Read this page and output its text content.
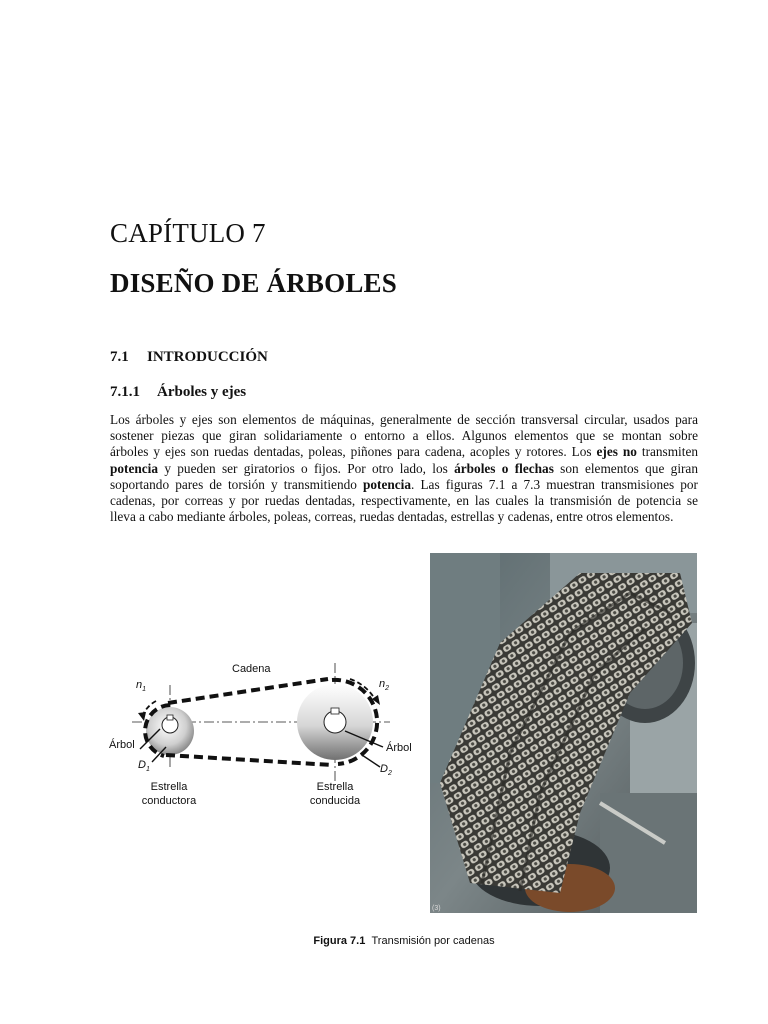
CAPÍTULO 7
DISEÑO DE ÁRBOLES
7.1 INTRODUCCIÓN
7.1.1 Árboles y ejes
Los árboles y ejes son elementos de máquinas, generalmente de sección transversal circular, usados para
sostener piezas que giran solidariamente o entorno a ellos. Algunos elementos que se montan sobre
árboles y ejes son ruedas dentadas, poleas, piñones para cadena, acoples y rotores. Los ejes no transmiten
potencia y pueden ser giratorios o fijos. Por otro lado, los árboles o flechas son elementos que giran
soportando pares de torsión y transmitiendo potencia. Las figuras 7.1 a 7.3 muestran transmisiones por
cadenas, por correas y por ruedas dentadas, respectivamente, en las cuales la transmisión de potencia se
lleva a cabo mediante árboles, poleas, correas, ruedas dentadas, estrellas y cadenas, entre otros elementos.
Cadena
$n_1$	$n_2$
Árbol	Árbol
$D_1$	$D_2$
Estrella
conductora
Estrella
conducida
(3)
Figura 7.1 Transmisión por cadenas
